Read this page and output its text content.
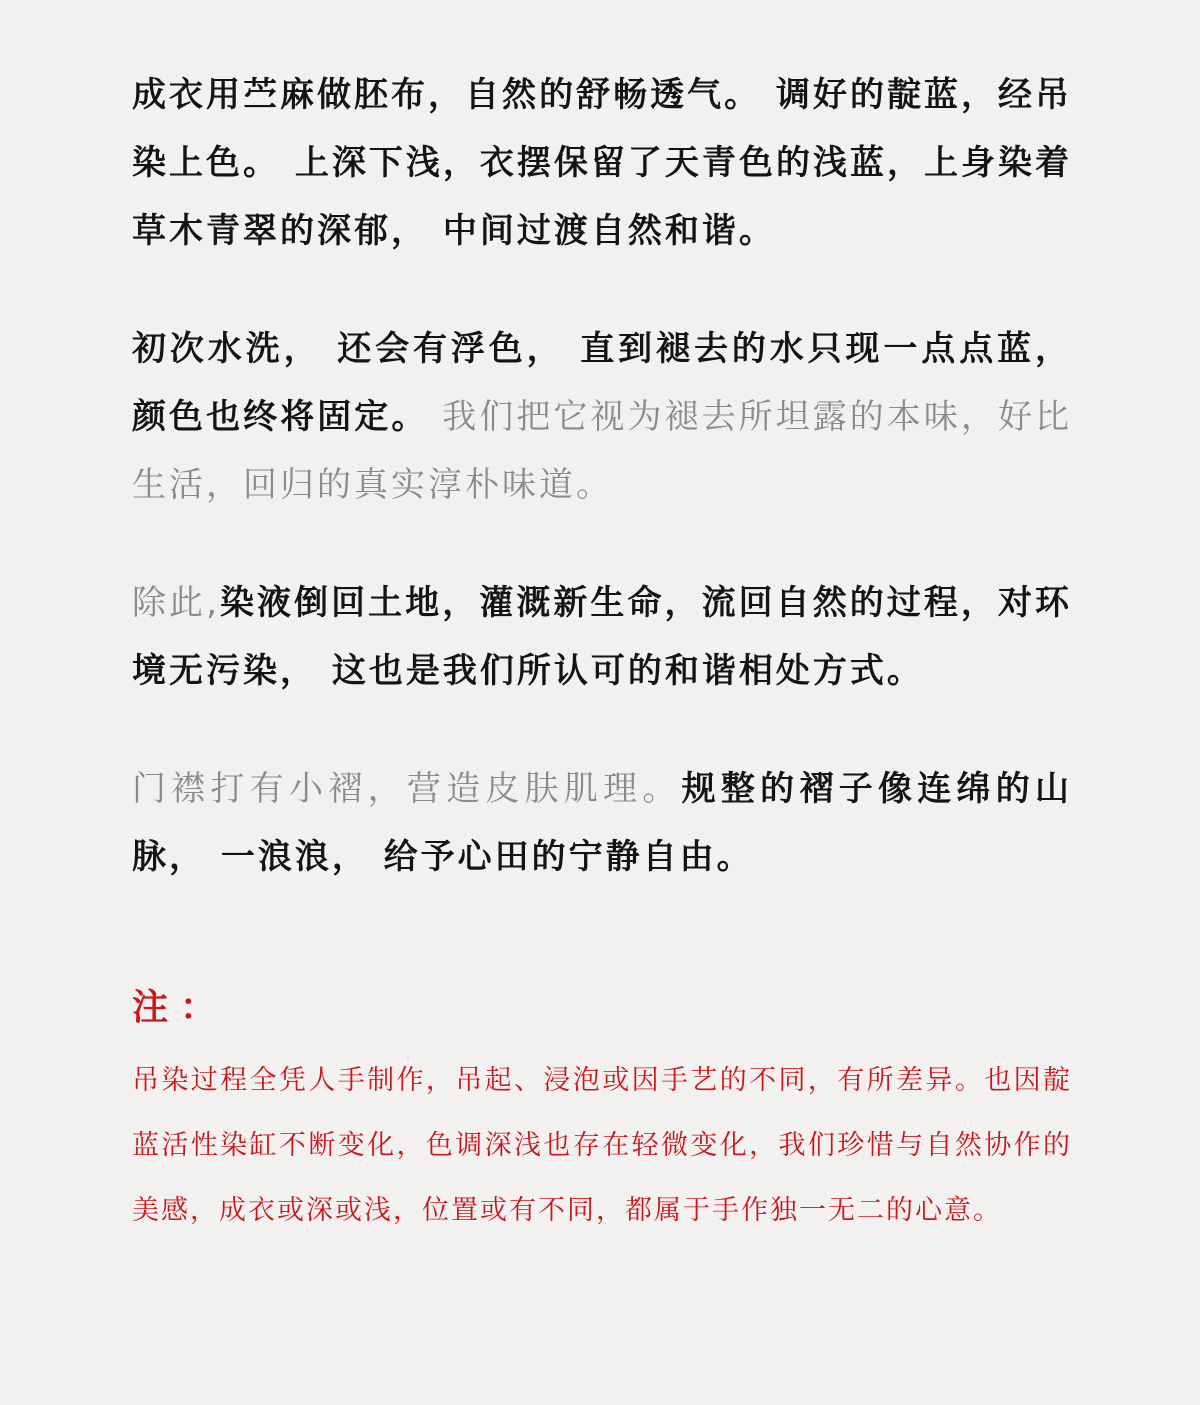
成衣用苎麻做胚布，自然的舒畅透气。 调好的靛蓝，经吊染上色。 上深下浅，衣摆保留了天青色的浅蓝，上身染着草木青翠的深郁， 中间过渡自然和谐。

初次水洗， 还会有浮色， 直到褪去的水只现一点点蓝， 颜色也终将固定。 我们把它视为褪去所坦露的本味，好比生活，回归的真实淳朴味道。

除此,染液倒回土地，灌溉新生命，流回自然的过程，对环境无污染， 这也是我们所认可的和谐相处方式。

门襟打有小褶，营造皮肤肌理。规整的褶子像连绵的山脉， 一浪浪， 给予心田的宁静自由。

注：

吊染过程全凭人手制作，吊起、浸泡或因手艺的不同，有所差异。也因靛蓝活性染缸不断变化，色调深浅也存在轻微变化，我们珍惜与自然协作的美感，成衣或深或浅，位置或有不同，都属于手作独一无二的心意。
